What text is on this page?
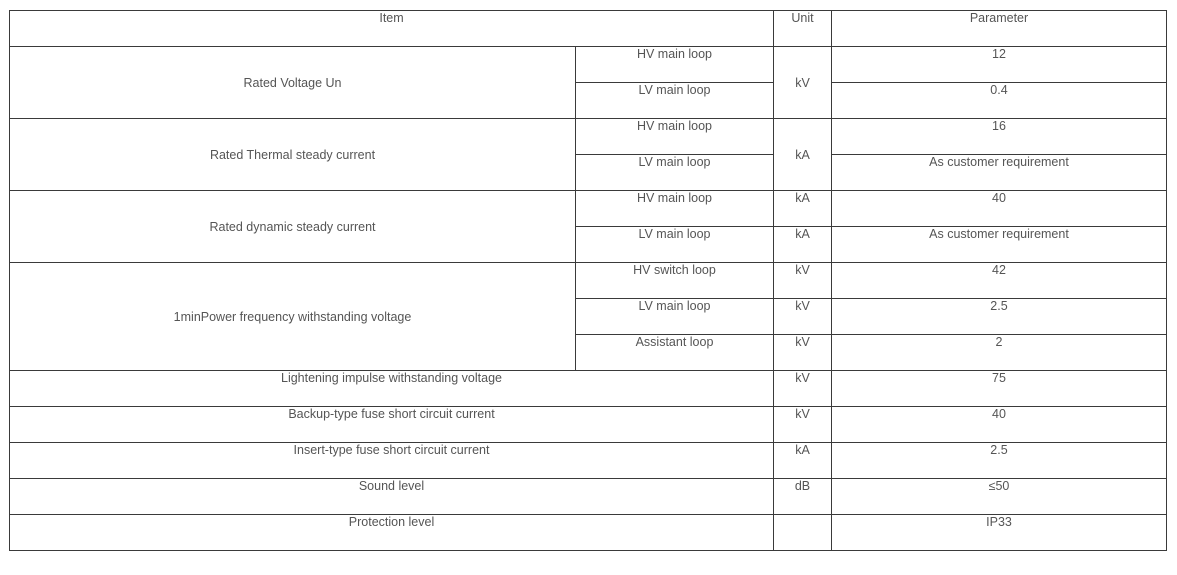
Item		Unit	Parameter
Rated Voltage Un	HV main loop	kV	12
	LV main loop		0.4
Rated Thermal steady current	HV main loop	kA	16
	LV main loop		As customer requirement
Rated dynamic steady current	HV main loop	kA	40
	LV main loop	kA	As customer requirement
1minPower frequency withstanding voltage	HV switch loop	kV	42
	LV main loop	kV	2.5
	Assistant loop	kV	2
Lightening impulse withstanding voltage		kV	75
Backup-type fuse short circuit current		kV	40
Insert-type fuse short circuit current		kA	2.5
Sound level		dB	≤50
Protection level			IP33
